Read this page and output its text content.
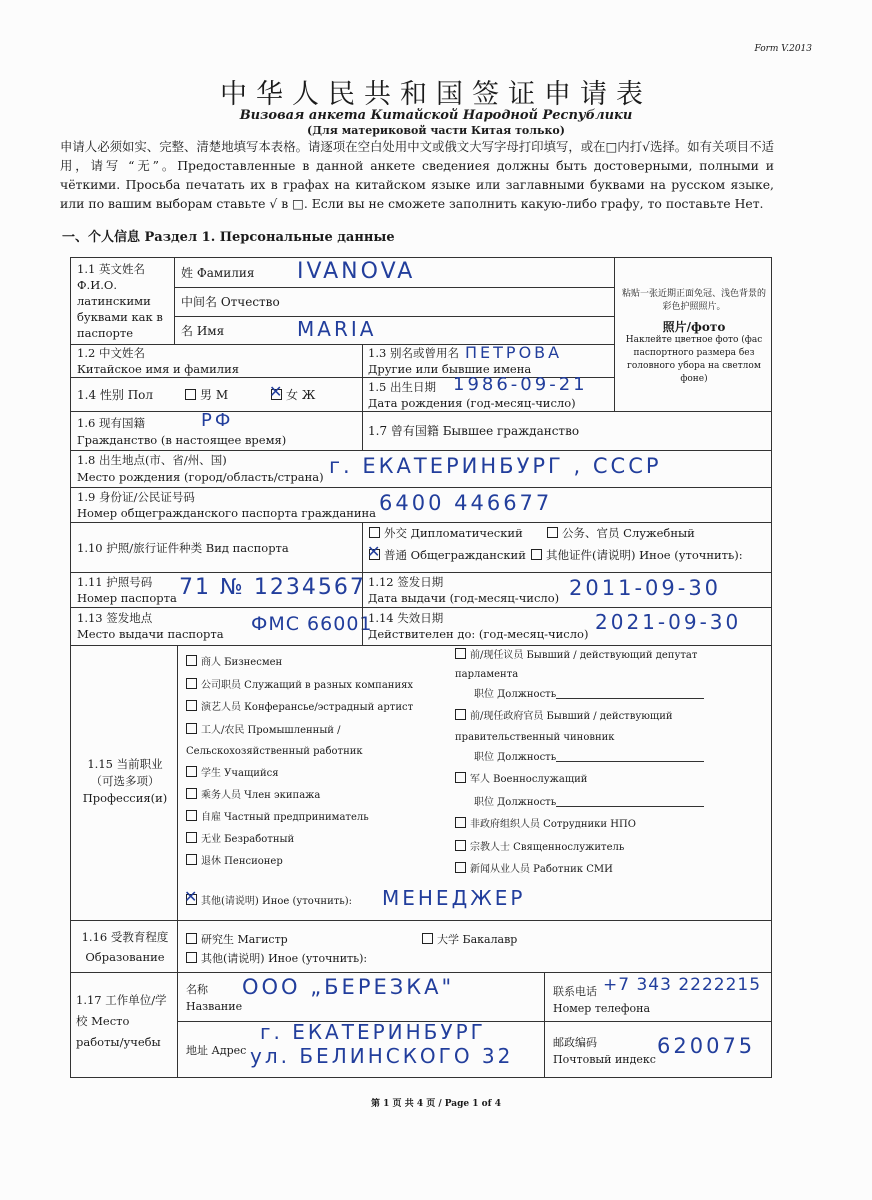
Form V.2013
中华人民共和国签证申请表
Визовая анкета Китайской Народной Республики
(Для материковой части Китая только)
申请人必须如实、完整、清楚地填写本表格。请逐项在空白处用中文或俄文大写字母打印填写，或在□内打√选择。如有关项目不适用，请写 “无”。Предоставленные в данной анкете сведениея должны быть достоверными, полными и чёткими. Просьба печатать их в графах на китайском языке или заглавными буквами на русском языке, или по вашим выборам ставьте √ в □. Если вы не сможете заполнить какую-либо графу, то поставьте Нет.
一、个人信息 Раздел 1. Персональные данные
1.1 英文姓名
Ф.И.О. латинскими буквами как в паспорте
姓 Фамилия IVANOVA
中间名 Отчество
名 Имя	MARIA
粘贴一张近期正面免冠、浅色背景的彩色护照照片。
照片/фото
Наклейте цветное фото (фас паспортного размера без головного убора на светлом фоне)
1.2 中文姓名
Китайское имя и фамилия
1.3 别名或曾用名
Другие или бывшие имена
ПЕТРОВА
1.4 性别 Пол	男 М
✕	女 Ж
1.5 出生日期
Дата рождения (год-месяц-число)
1986-09-21
1.6 现有国籍
Гражданство (в настоящее время)
РФ	1.7 曾有国籍 Бывшее гражданство
1.8 出生地点(市、省/州、国)
Место рождения (город/область/страна) г. ЕКАТЕРИНБУРГ , СССР
1.9 身份证/公民证号码
Номер общегражданского паспорта гражданина 6400 446677
1.10 护照/旅行证件种类 Вид паспорта
外交 Дипломатический	公务、官员 Служебный
✕普通 Общегражданский	其他证件(请说明) Иное (уточнить):
1.11 护照号码
Номер паспорта 71 № 1234567 1.12 签发日期
Дата выдачи (год-месяц-число) 2011-09-30
1.13 签发地点
Место выдачи паспорта ФМС 66001
1.14 失效日期
Действителен до: (год-месяц-число) 2021-09-30
1.15 当前职业
（可选多项）
Профессия(и)
商人 Бизнесмен
公司职员 Служащий в разных компаниях
演艺人员 Конферансье/эстрадный артист
工人/农民 Промышленный /
Сельскохозяйственный работник
学生 Учащийся
乘务人员 Член экипажа
自雇 Частный предприниматель
无业 Безработный
退休 Пенсионер
✕其他(请说明) Иное (уточнить): МЕНЕДЖЕР
前/现任议员 Бывший / действующий депутат
парламента
职位 Должность
前/现任政府官员 Бывший / действующий
правительственный чиновник
职位 Должность
军人 Военнослужащий
职位 Должность
非政府组织人员 Сотрудники НПО
宗教人士 Священнослужитель
新闻从业人员 Работник СМИ
1.16 受教育程度
Образование
研究生 Магистр	大学 Бакалавр
其他(请说明) Иное (уточнить):
1.17 工作单位/学校 Место работы/учебы
名称
Название
ООО „БЕРЕЗКА"	联系电话
Номер телефона
+7 343 2222215
地址 Адрес
г. ЕКАТЕРИНБУРГ
ул. БЕЛИНСКОГО 32
邮政编码
Почтовый индекс
620075
第 1 页 共 4 页 / Page 1 of 4
